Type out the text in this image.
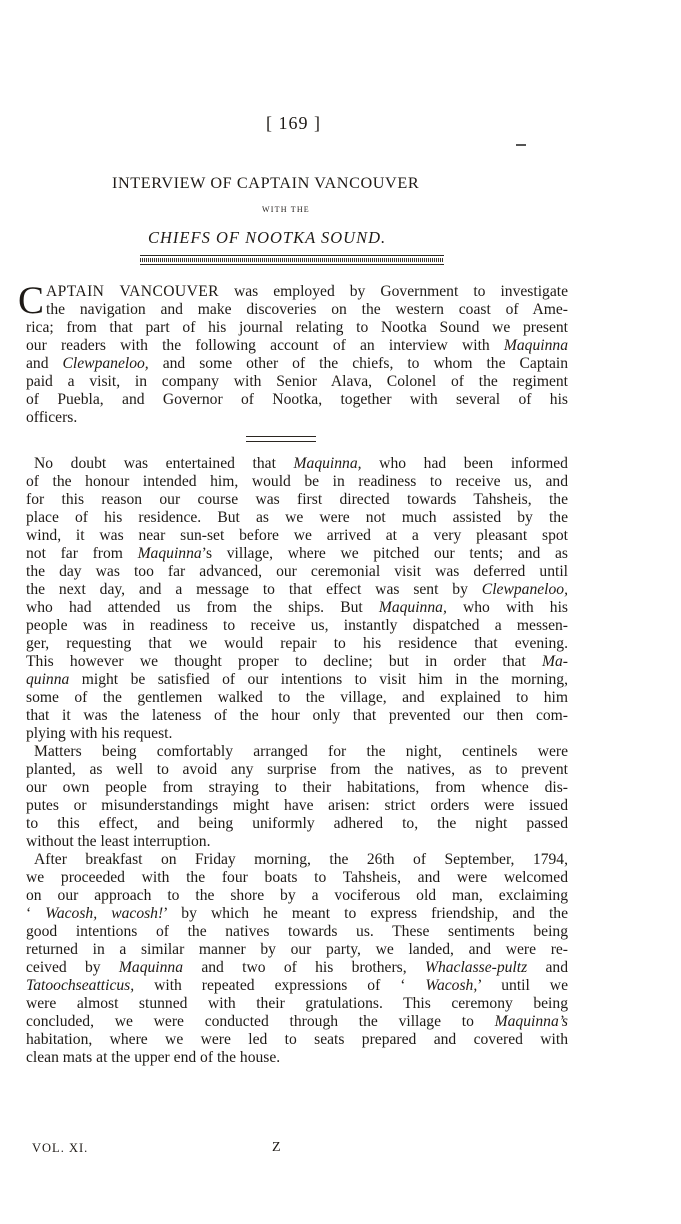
[ 169 ]
INTERVIEW OF CAPTAIN VANCOUVER
WITH THE
CHIEFS OF NOOTKA SOUND.
C APTAIN VANCOUVER was employed by Government to investigate
the navigation and make discoveries on the western coast of Ame-
rica; from that part of his journal relating to Nootka Sound we present
our readers with the following account of an interview with Maquinna
and Clewpaneloo, and some other of the chiefs, to whom the Captain
paid a visit, in company with Senior Alava, Colonel of the regiment
of Puebla, and Governor of Nootka, together with several of his
officers.
No doubt was entertained that Maquinna, who had been informed
of the honour intended him, would be in readiness to receive us, and
for this reason our course was first directed towards Tahsheis, the
place of his residence. But as we were not much assisted by the
wind, it was near sun-set before we arrived at a very pleasant spot
not far from Maquinna’s village, where we pitched our tents; and as
the day was too far advanced, our ceremonial visit was deferred until
the next day, and a message to that effect was sent by Clewpaneloo,
who had attended us from the ships. But Maquinna, who with his
people was in readiness to receive us, instantly dispatched a messen-
ger, requesting that we would repair to his residence that evening.
This however we thought proper to decline; but in order that Ma-
quinna might be satisfied of our intentions to visit him in the morning,
some of the gentlemen walked to the village, and explained to him
that it was the lateness of the hour only that prevented our then com-
plying with his request.
Matters being comfortably arranged for the night, centinels were
planted, as well to avoid any surprise from the natives, as to prevent
our own people from straying to their habitations, from whence dis-
putes or misunderstandings might have arisen: strict orders were issued
to this effect, and being uniformly adhered to, the night passed
without the least interruption.
After breakfast on Friday morning, the 26th of September, 1794,
we proceeded with the four boats to Tahsheis, and were welcomed
on our approach to the shore by a vociferous old man, exclaiming
‘ Wacosh, wacosh!’ by which he meant to express friendship, and the
good intentions of the natives towards us. These sentiments being
returned in a similar manner by our party, we landed, and were re-
ceived by Maquinna and two of his brothers, Whaclasse-pultz and
Tatoochseatticus, with repeated expressions of ‘ Wacosh,’ until we
were almost stunned with their gratulations. This ceremony being
concluded, we were conducted through the village to Maquinna’s
habitation, where we were led to seats prepared and covered with
clean mats at the upper end of the house.
VOL. XI.	Z
